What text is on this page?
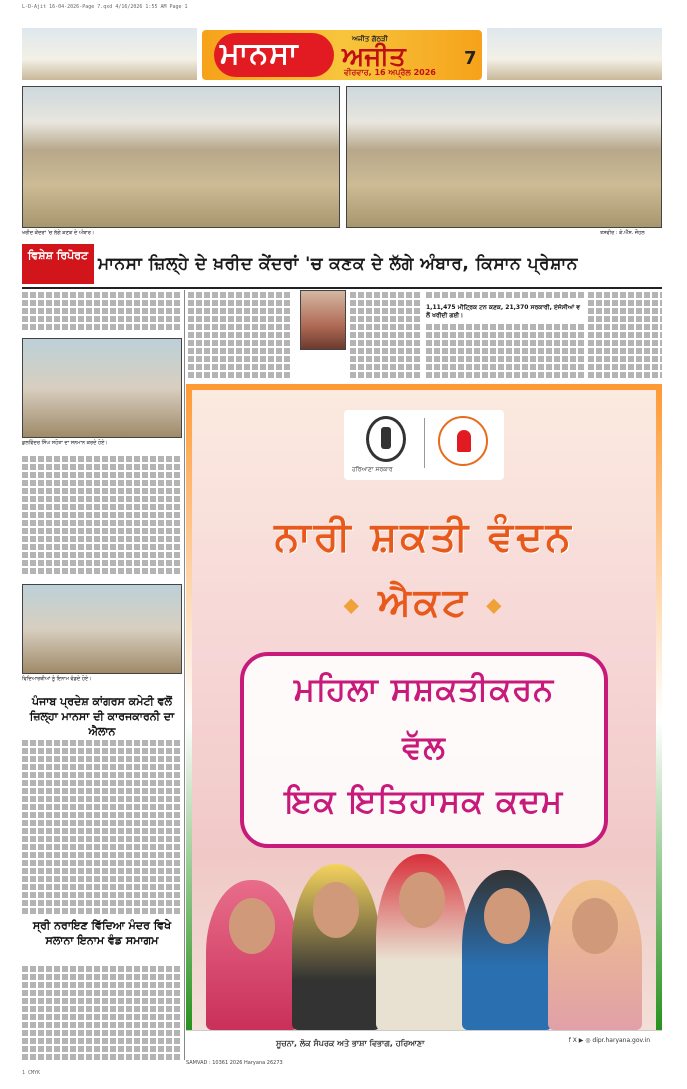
L-D-Ajit 16-04-2026-Page 7.qxd 4/16/2026 1:55 AM Page 1
1 CMYK
ਮਾਨਸਾ	ਅਜੀਤ ਗੱਠੜੀ
ਅਜੀਤ
ਵੀਰਵਾਰ, 16 ਅਪ੍ਰੈਲ 2026
7
ਖਰੀਦ ਕੇਂਦਰਾਂ 'ਚ ਲੱਗੇ ਕਣਕ ਦੇ ਅੰਬਾਰ।	ਤਸਵੀਰ : ਕੇ.ਐੱਸ. ਜੌਹਲ
ਵਿਸ਼ੇਸ਼ ਰਿਪੋਰਟ ਮਾਨਸਾ ਜ਼ਿਲ੍ਹੇ ਦੇ ਖ਼ਰੀਦ ਕੇਂਦਰਾਂ 'ਚ ਕਣਕ ਦੇ ਲੱਗੇ ਅੰਬਾਰ, ਕਿਸਾਨ ਪ੍ਰੇਸ਼ਾਨ
ਕੁਲਵਿੰਦਰ ਸਿੰਘ ਸਹੋਤਾ ਦਾ ਸਨਮਾਨ ਕਰਦੇ ਹੋਏ।
ਵਿਦਿਆਰਥੀਆਂ ਨੂੰ ਇਨਾਮ ਵੰਡਦੇ ਹੋਏ।
ਪੰਜਾਬ ਪ੍ਰਦੇਸ਼ ਕਾਂਗਰਸ ਕਮੇਟੀ ਵਲੋਂ ਜ਼ਿਲ੍ਹਾ ਮਾਨਸਾ ਦੀ ਕਾਰਜਕਾਰਨੀ ਦਾ ਐਲਾਨ
ਸ੍ਰੀ ਨਰਾਇਣ ਵਿੱਦਿਆ ਮੰਦਰ ਵਿਖੇ ਸਲਾਨਾ ਇਨਾਮ ਵੰਡ ਸਮਾਗਮ
1,11,475 ਮੀਟ੍ਰਿਕ ਟਨ ਕਣਕ, 21,370 ਸਰਕਾਰੀ, ਏਜੰਸੀਆਂ ਵਲੋਂ ਖਰੀਦੀ ਗਈ।
ਹਰਿਆਣਾ ਸਰਕਾਰ
ਨਾਰੀ ਸ਼ਕਤੀ ਵੰਦਨ
◆ ਐਕਟ ◆
ਮਹਿਲਾ ਸਸ਼ਕਤੀਕਰਨ
ਵੱਲ
ਇਕ ਇਤਿਹਾਸਕ ਕਦਮ
ਸੂਚਨਾ, ਲੋਕ ਸੰਪਰਕ ਅਤੇ ਭਾਸ਼ਾ ਵਿਭਾਗ, ਹਰਿਆਣਾ	f X ▶ ◎ dipr.haryana.gov.in
SAMVAD : 10361 2026 Haryana 26273
